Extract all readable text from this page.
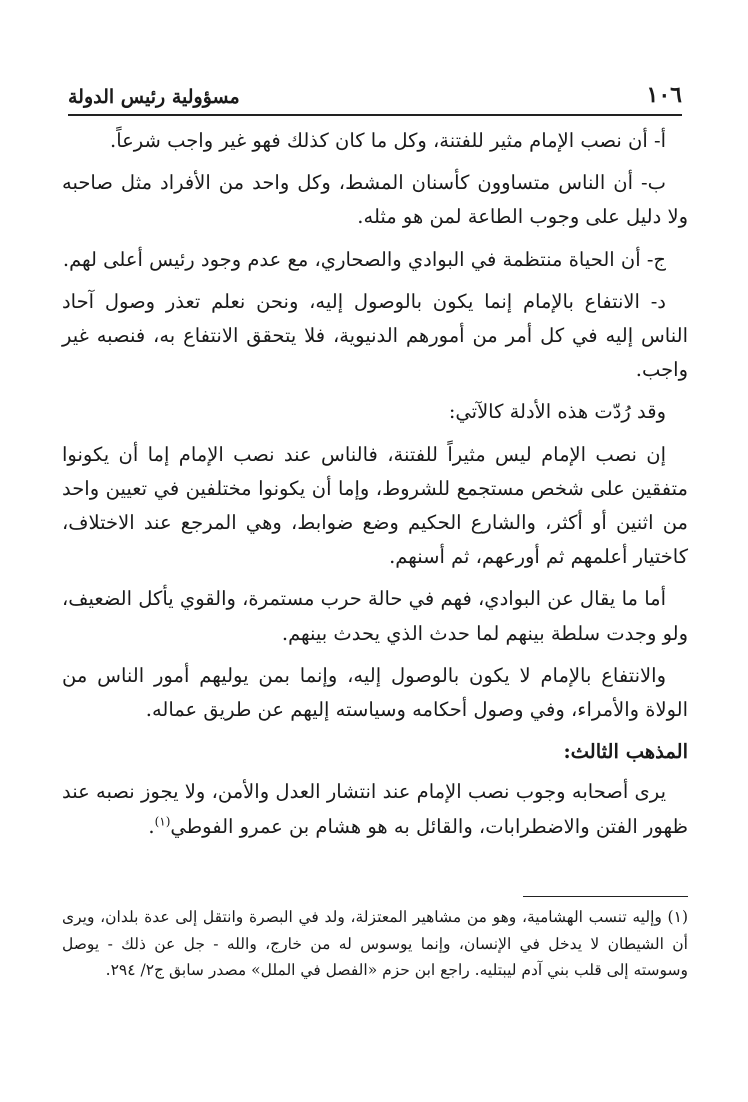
١٠٦
مسؤولية رئيس الدولة

أ- أن نصب الإمام مثير للفتنة، وكل ما كان كذلك فهو غير واجب شرعاً.

ب- أن الناس متساوون كأسنان المشط، وكل واحد من الأفراد مثل صاحبه ولا دليل على وجوب الطاعة لمن هو مثله.

ج- أن الحياة منتظمة في البوادي والصحاري، مع عدم وجود رئيس أعلى لهم.

د- الانتفاع بالإمام إنما يكون بالوصول إليه، ونحن نعلم تعذر وصول آحاد الناس إليه في كل أمر من أمورهم الدنيوية، فلا يتحقق الانتفاع به، فنصبه غير واجب.

وقد رُدّت هذه الأدلة كالآتي:

إن نصب الإمام ليس مثيراً للفتنة، فالناس عند نصب الإمام إما أن يكونوا متفقين على شخص مستجمع للشروط، وإما أن يكونوا مختلفين في تعيين واحد من اثنين أو أكثر، والشارع الحكيم وضع ضوابط، وهي المرجع عند الاختلاف، كاختيار أعلمهم ثم أورعهم، ثم أسنهم.

أما ما يقال عن البوادي، فهم في حالة حرب مستمرة، والقوي يأكل الضعيف، ولو وجدت سلطة بينهم لما حدث الذي يحدث بينهم.

والانتفاع بالإمام لا يكون بالوصول إليه، وإنما بمن يوليهم أمور الناس من الولاة والأمراء، وفي وصول أحكامه وسياسته إليهم عن طريق عماله.

المذهب الثالث:

يرى أصحابه وجوب نصب الإمام عند انتشار العدل والأمن، ولا يجوز نصبه عند ظهور الفتن والاضطرابات، والقائل به هو هشام بن عمرو الفوطي$^{(١)}$.

(١) وإليه تنسب الهشامية، وهو من مشاهير المعتزلة، ولد في البصرة وانتقل إلى عدة بلدان، ويرى أن الشيطان لا يدخل في الإنسان، وإنما يوسوس له من خارج، والله - جل عن ذلك - يوصل وسوسته إلى قلب بني آدم ليبتليه. راجع ابن حزم «الفصل في الملل» مصدر سابق ج٢/ ٢٩٤.
